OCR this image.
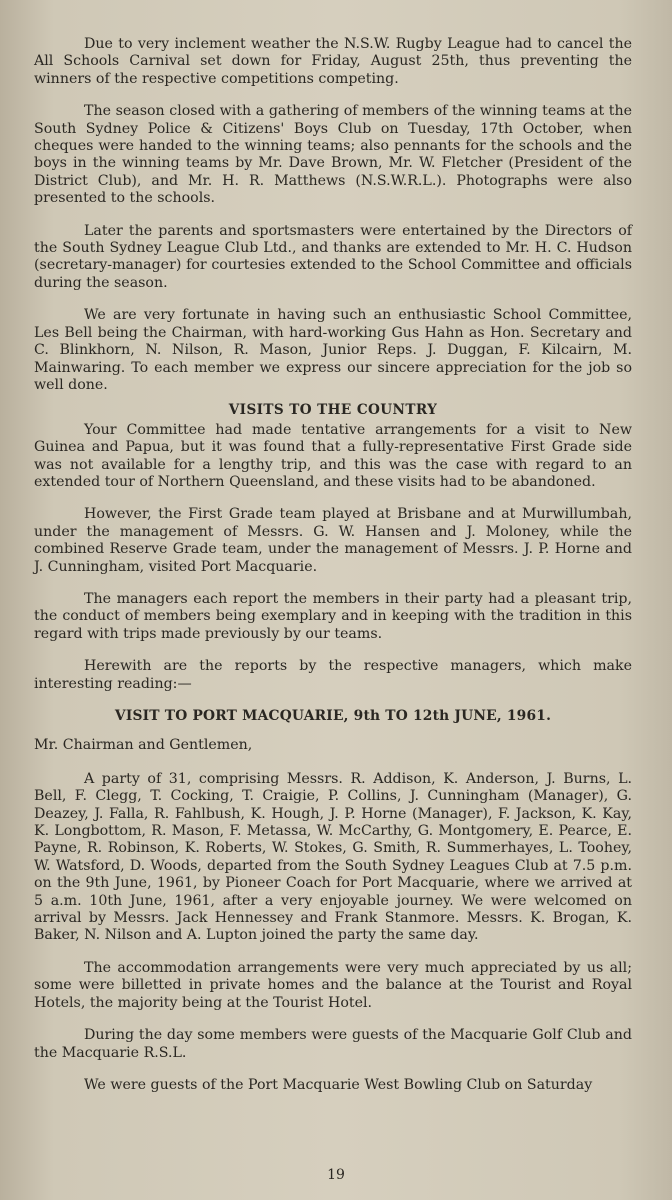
Due to very inclement weather the N.S.W. Rugby League had to cancel the All Schools Carnival set down for Friday, August 25th, thus preventing the winners of the respective competitions competing.

The season closed with a gathering of members of the winning teams at the South Sydney Police & Citizens' Boys Club on Tuesday, 17th October, when cheques were handed to the winning teams; also pennants for the schools and the boys in the winning teams by Mr. Dave Brown, Mr. W. Fletcher (President of the District Club), and Mr. H. R. Matthews (N.S.W.R.L.). Photographs were also presented to the schools.

Later the parents and sportsmasters were entertained by the Directors of the South Sydney League Club Ltd., and thanks are extended to Mr. H. C. Hudson (secretary-manager) for courtesies extended to the School Committee and officials during the season.

We are very fortunate in having such an enthusiastic School Committee, Les Bell being the Chairman, with hard-working Gus Hahn as Hon. Secretary and C. Blinkhorn, N. Nilson, R. Mason, Junior Reps. J. Duggan, F. Kilcairn, M. Mainwaring. To each member we express our sincere appreciation for the job so well done.

VISITS TO THE COUNTRY

Your Committee had made tentative arrangements for a visit to New Guinea and Papua, but it was found that a fully-representative First Grade side was not available for a lengthy trip, and this was the case with regard to an extended tour of Northern Queensland, and these visits had to be abandoned.

However, the First Grade team played at Brisbane and at Murwillumbah, under the management of Messrs. G. W. Hansen and J. Moloney, while the combined Reserve Grade team, under the management of Messrs. J. P. Horne and J. Cunningham, visited Port Macquarie.

The managers each report the members in their party had a pleasant trip, the conduct of members being exemplary and in keeping with the tradition in this regard with trips made previously by our teams.

Herewith are the reports by the respective managers, which make interesting reading:—

VISIT TO PORT MACQUARIE, 9th TO 12th JUNE, 1961.

Mr. Chairman and Gentlemen,

A party of 31, comprising Messrs. R. Addison, K. Anderson, J. Burns, L. Bell, F. Clegg, T. Cocking, T. Craigie, P. Collins, J. Cunningham (Manager), G. Deazey, J. Falla, R. Fahlbush, K. Hough, J. P. Horne (Manager), F. Jackson, K. Kay, K. Longbottom, R. Mason, F. Metassa, W. McCarthy, G. Montgomery, E. Pearce, E. Payne, R. Robinson, K. Roberts, W. Stokes, G. Smith, R. Summerhayes, L. Toohey, W. Watsford, D. Woods, departed from the South Sydney Leagues Club at 7.5 p.m. on the 9th June, 1961, by Pioneer Coach for Port Macquarie, where we arrived at 5 a.m. 10th June, 1961, after a very enjoyable journey. We were welcomed on arrival by Messrs. Jack Hennessey and Frank Stanmore. Messrs. K. Brogan, K. Baker, N. Nilson and A. Lupton joined the party the same day.

The accommodation arrangements were very much appreciated by us all; some were billetted in private homes and the balance at the Tourist and Royal Hotels, the majority being at the Tourist Hotel.

During the day some members were guests of the Macquarie Golf Club and the Macquarie R.S.L.

We were guests of the Port Macquarie West Bowling Club on Saturday

19
